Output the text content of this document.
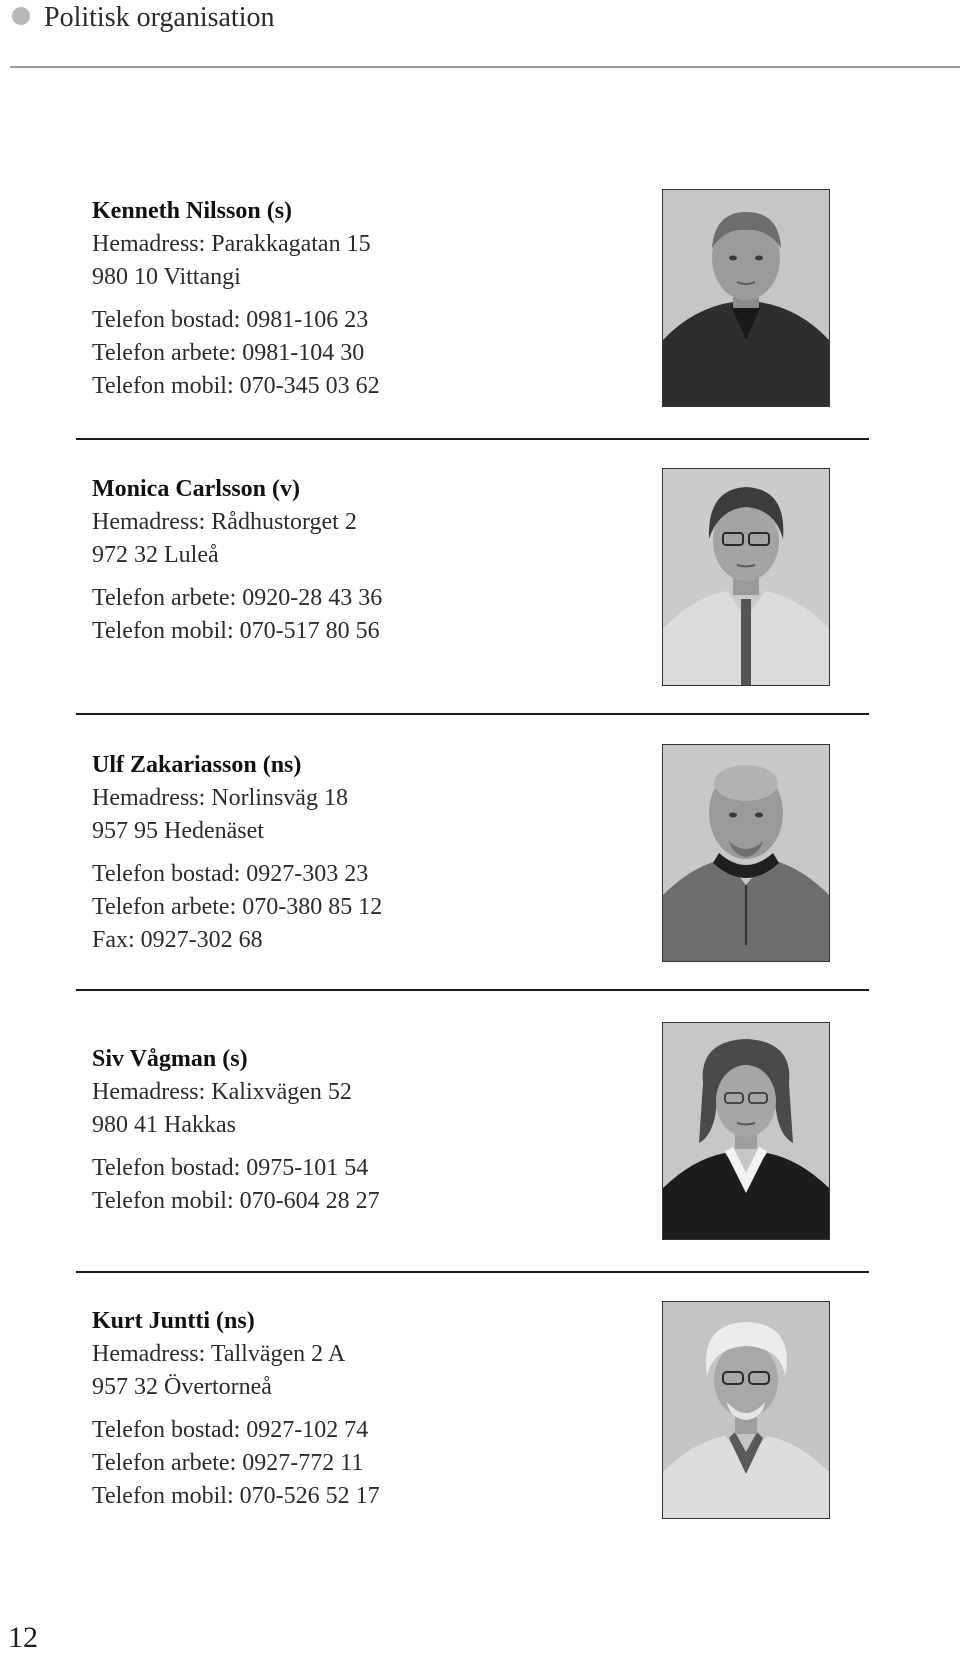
Politisk organisation
Kenneth Nilsson (s)
Hemadress: Parakkagatan 15
980 10 Vittangi
Telefon bostad: 0981-106 23
Telefon arbete: 0981-104 30
Telefon mobil: 070-345 03 62
Monica Carlsson (v)
Hemadress: Rådhustorget 2
972 32 Luleå
Telefon arbete: 0920-28 43 36
Telefon mobil: 070-517 80 56
Ulf Zakariasson (ns)
Hemadress: Norlinsväg 18
957 95 Hedenäset
Telefon bostad: 0927-303 23
Telefon arbete: 070-380 85 12
Fax: 0927-302 68
Siv Vågman (s)
Hemadress: Kalixvägen 52
980 41 Hakkas
Telefon bostad: 0975-101 54
Telefon mobil: 070-604 28 27
Kurt Juntti (ns)
Hemadress: Tallvägen 2 A
957 32 Övertorneå
Telefon bostad: 0927-102 74
Telefon arbete: 0927-772 11
Telefon mobil: 070-526 52 17
12
